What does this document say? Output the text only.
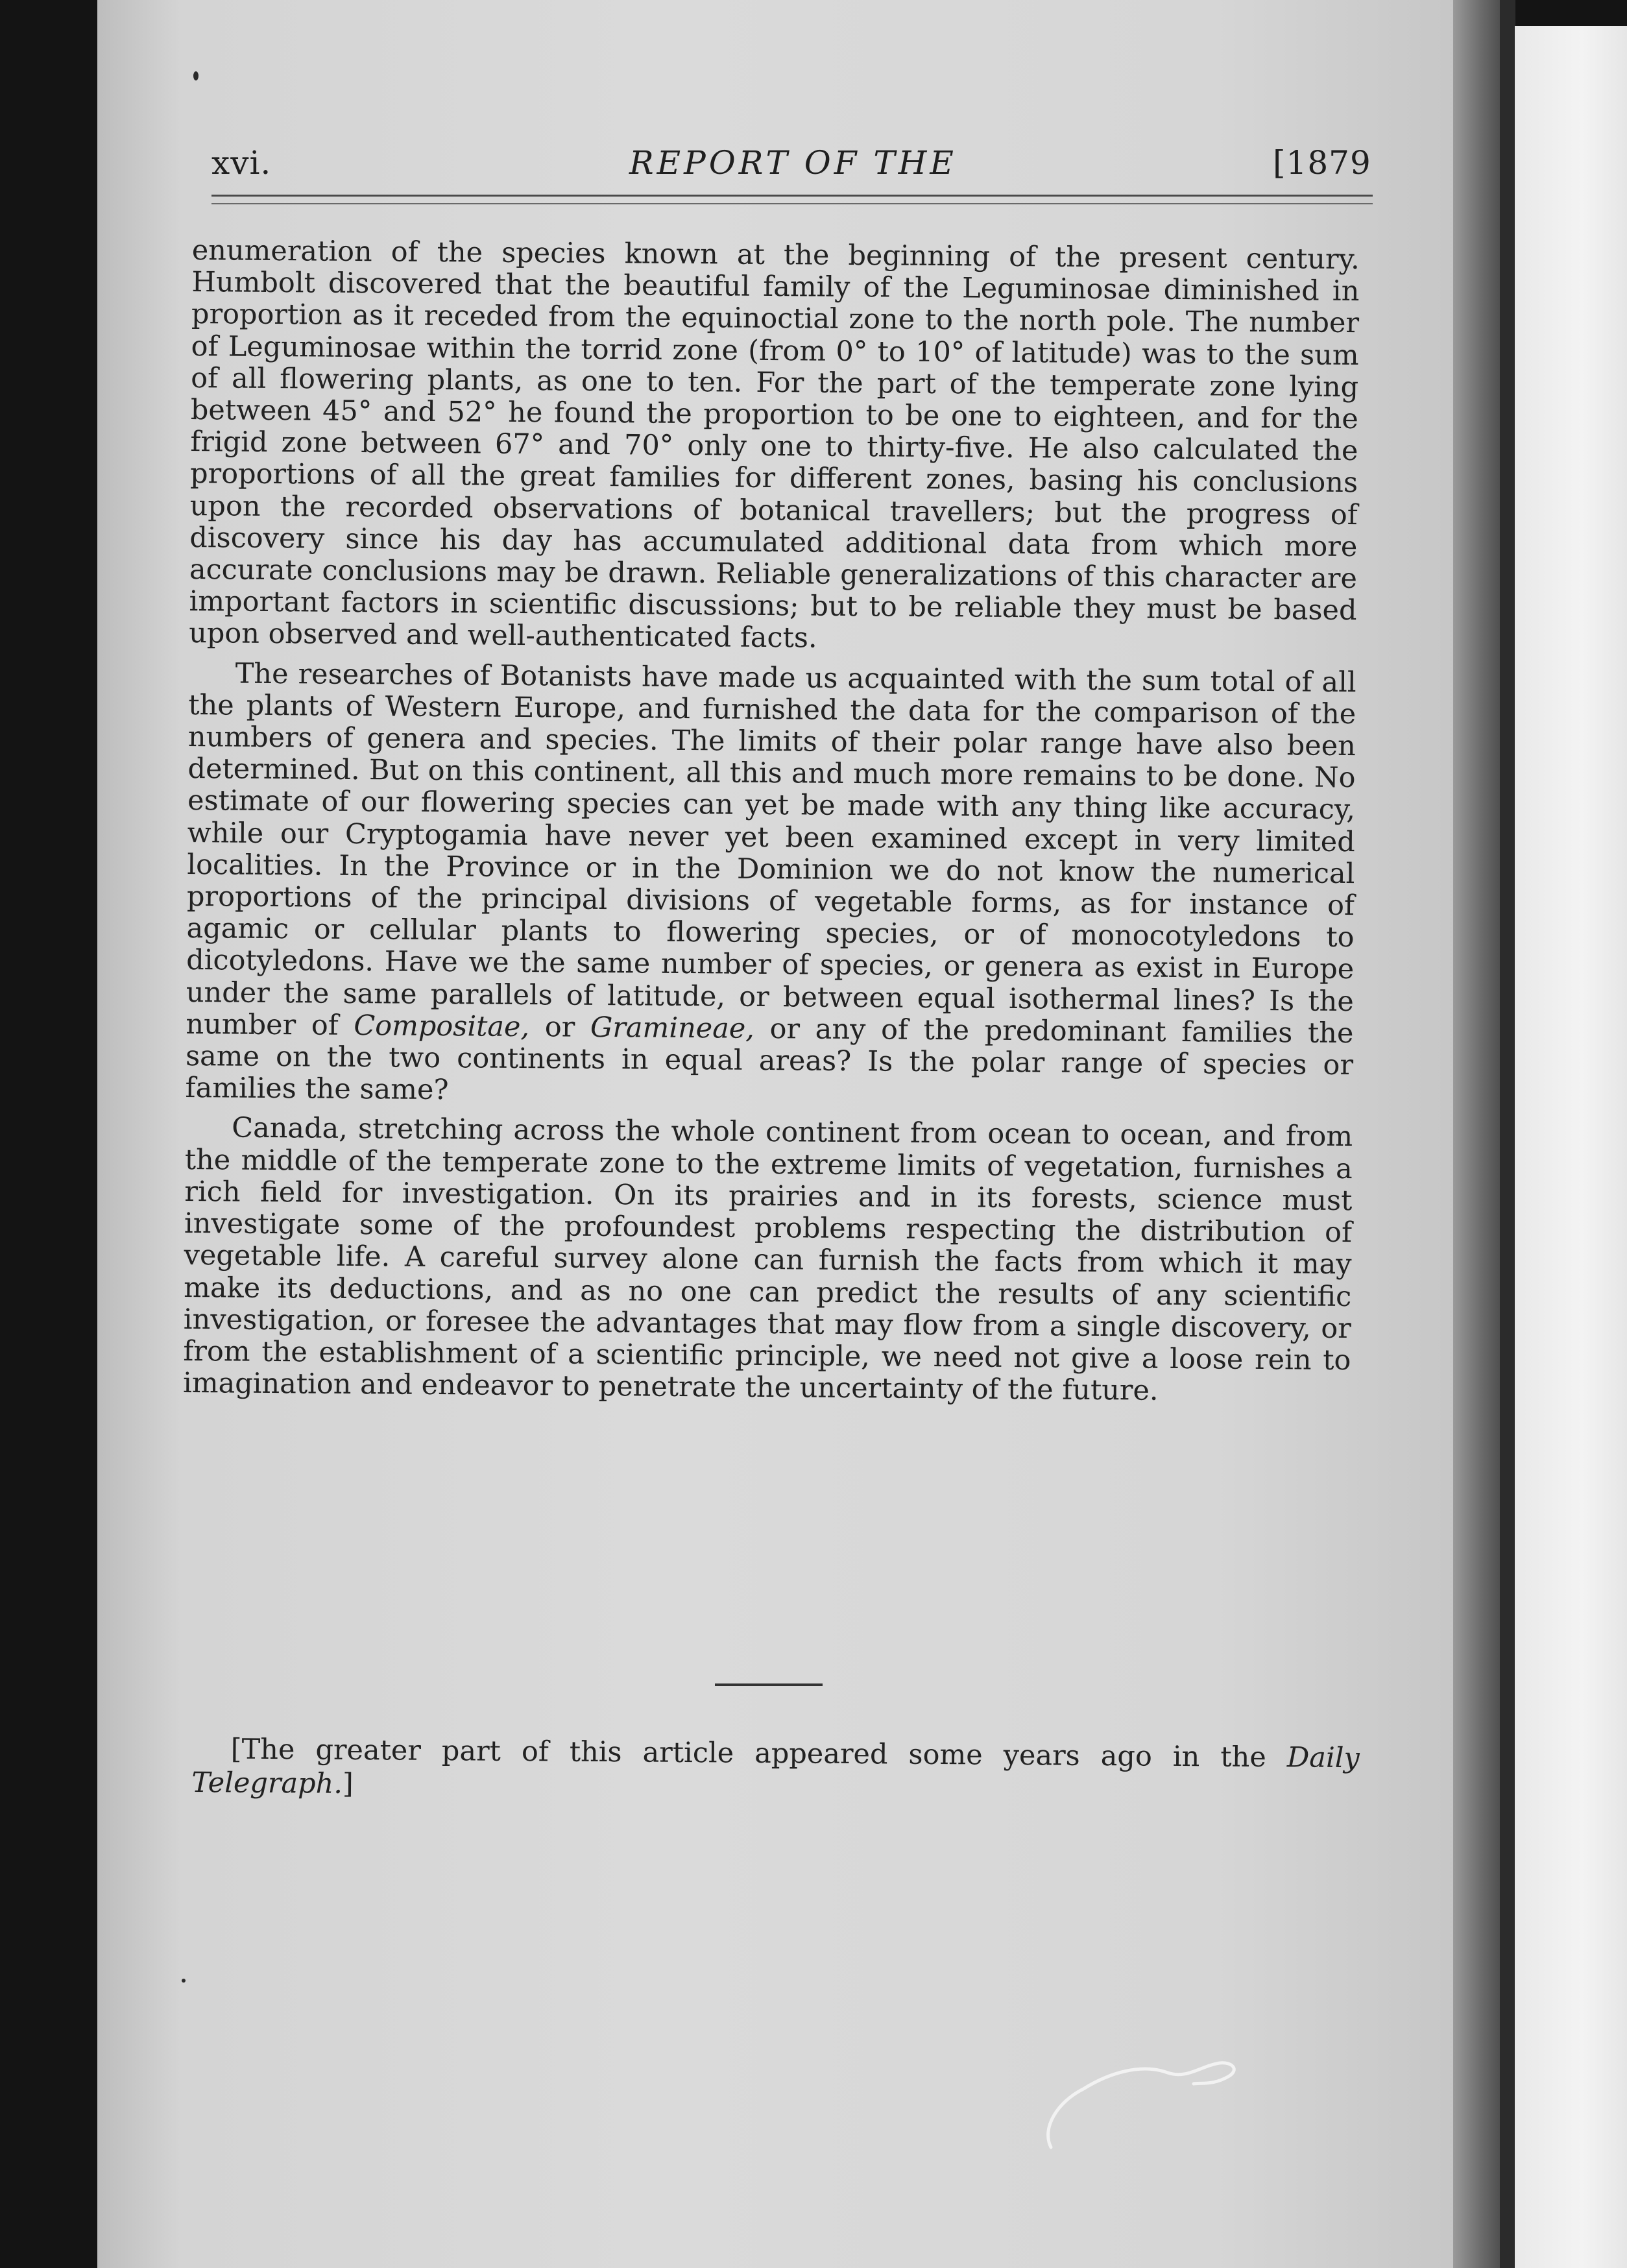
xvi.	REPORT OF THE	[1879

enumeration of the species known at the beginning of the present century. Humbolt discovered that the beautiful family of the Leguminosae diminished in proportion as it receded from the equinoctial zone to the north pole. The number of Leguminosae within the torrid zone (from 0° to 10° of latitude) was to the sum of all flowering plants, as one to ten. For the part of the temperate zone lying between 45° and 52° he found the proportion to be one to eighteen, and for the frigid zone between 67° and 70° only one to thirty-five. He also calculated the proportions of all the great families for different zones, basing his conclusions upon the recorded observations of botanical travellers; but the progress of discovery since his day has accumulated additional data from which more accurate conclusions may be drawn. Reliable generalizations of this character are important factors in scientific discussions; but to be reliable they must be based upon observed and well-authenticated facts.

The researches of Botanists have made us acquainted with the sum total of all the plants of Western Europe, and furnished the data for the comparison of the numbers of genera and species. The limits of their polar range have also been determined. But on this continent, all this and much more remains to be done. No estimate of our flowering species can yet be made with any thing like accuracy, while our Cryptogamia have never yet been examined except in very limited localities. In the Province or in the Dominion we do not know the numerical proportions of the principal divisions of vegetable forms, as for instance of agamic or cellular plants to flowering species, or of monocotyledons to dicotyledons. Have we the same number of species, or genera as exist in Europe under the same parallels of latitude, or between equal isothermal lines? Is the number of Compositae, or Gramineae, or any of the predominant families the same on the two continents in equal areas? Is the polar range of species or families the same?

Canada, stretching across the whole continent from ocean to ocean, and from the middle of the temperate zone to the extreme limits of vegetation, furnishes a rich field for investigation. On its prairies and in its forests, science must investigate some of the profoundest problems respecting the distribution of vegetable life. A careful survey alone can furnish the facts from which it may make its deductions, and as no one can predict the results of any scientific investigation, or foresee the advantages that may flow from a single discovery, or from the establishment of a scientific principle, we need not give a loose rein to imagination and endeavor to penetrate the uncertainty of the future.

[The greater part of this article appeared some years ago in the Daily Telegraph.]
